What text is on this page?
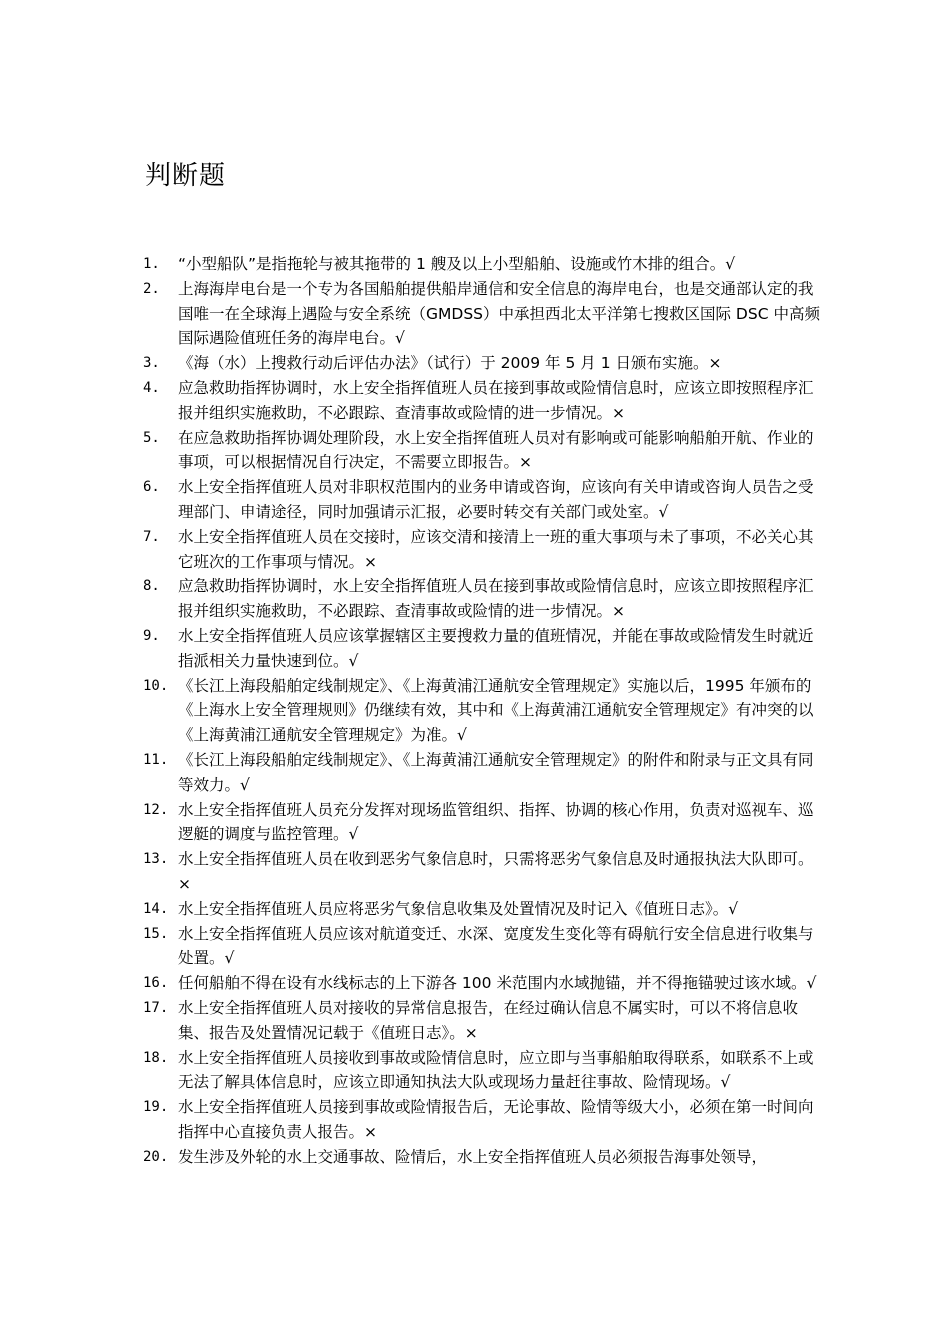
判断题
1. “小型船队”是指拖轮与被其拖带的 1 艘及以上小型船舶、设施或竹木排的组合。√
2. 上海海岸电台是一个专为各国船舶提供船岸通信和安全信息的海岸电台，也是交通部认定的我国唯一在全球海上遇险与安全系统（GMDSS）中承担西北太平洋第七搜救区国际 DSC 中高频国际遇险值班任务的海岸电台。√
3. 《海（水）上搜救行动后评估办法》（试行）于 2009 年 5 月 1 日颁布实施。×
4. 应急救助指挥协调时，水上安全指挥值班人员在接到事故或险情信息时，应该立即按照程序汇报并组织实施救助，不必跟踪、查清事故或险情的进一步情况。×
5. 在应急救助指挥协调处理阶段，水上安全指挥值班人员对有影响或可能影响船舶开航、作业的事项，可以根据情况自行决定，不需要立即报告。×
6. 水上安全指挥值班人员对非职权范围内的业务申请或咨询，应该向有关申请或咨询人员告之受理部门、申请途径，同时加强请示汇报，必要时转交有关部门或处室。√
7. 水上安全指挥值班人员在交接时，应该交清和接清上一班的重大事项与未了事项，不必关心其它班次的工作事项与情况。×
8. 应急救助指挥协调时，水上安全指挥值班人员在接到事故或险情信息时，应该立即按照程序汇报并组织实施救助，不必跟踪、查清事故或险情的进一步情况。×
9. 水上安全指挥值班人员应该掌握辖区主要搜救力量的值班情况，并能在事故或险情发生时就近指派相关力量快速到位。√
10. 《长江上海段船舶定线制规定》、《上海黄浦江通航安全管理规定》实施以后，1995 年颁布的《上海水上安全管理规则》仍继续有效，其中和《上海黄浦江通航安全管理规定》有冲突的以《上海黄浦江通航安全管理规定》为准。√
11. 《长江上海段船舶定线制规定》、《上海黄浦江通航安全管理规定》的附件和附录与正文具有同等效力。√
12. 水上安全指挥值班人员充分发挥对现场监管组织、指挥、协调的核心作用，负责对巡视车、巡逻艇的调度与监控管理。√
13. 水上安全指挥值班人员在收到恶劣气象信息时，只需将恶劣气象信息及时通报执法大队即可。×
14. 水上安全指挥值班人员应将恶劣气象信息收集及处置情况及时记入《值班日志》。√
15. 水上安全指挥值班人员应该对航道变迁、水深、宽度发生变化等有碍航行安全信息进行收集与处置。√
16. 任何船舶不得在设有水线标志的上下游各 100 米范围内水域抛锚，并不得拖锚驶过该水域。√
17. 水上安全指挥值班人员对接收的异常信息报告，在经过确认信息不属实时，可以不将信息收集、报告及处置情况记载于《值班日志》。×
18. 水上安全指挥值班人员接收到事故或险情信息时，应立即与当事船舶取得联系，如联系不上或无法了解具体信息时，应该立即通知执法大队或现场力量赶往事故、险情现场。√
19. 水上安全指挥值班人员接到事故或险情报告后，无论事故、险情等级大小，必须在第一时间向指挥中心直接负责人报告。×
20. 发生涉及外轮的水上交通事故、险情后，水上安全指挥值班人员必须报告海事处领导，
